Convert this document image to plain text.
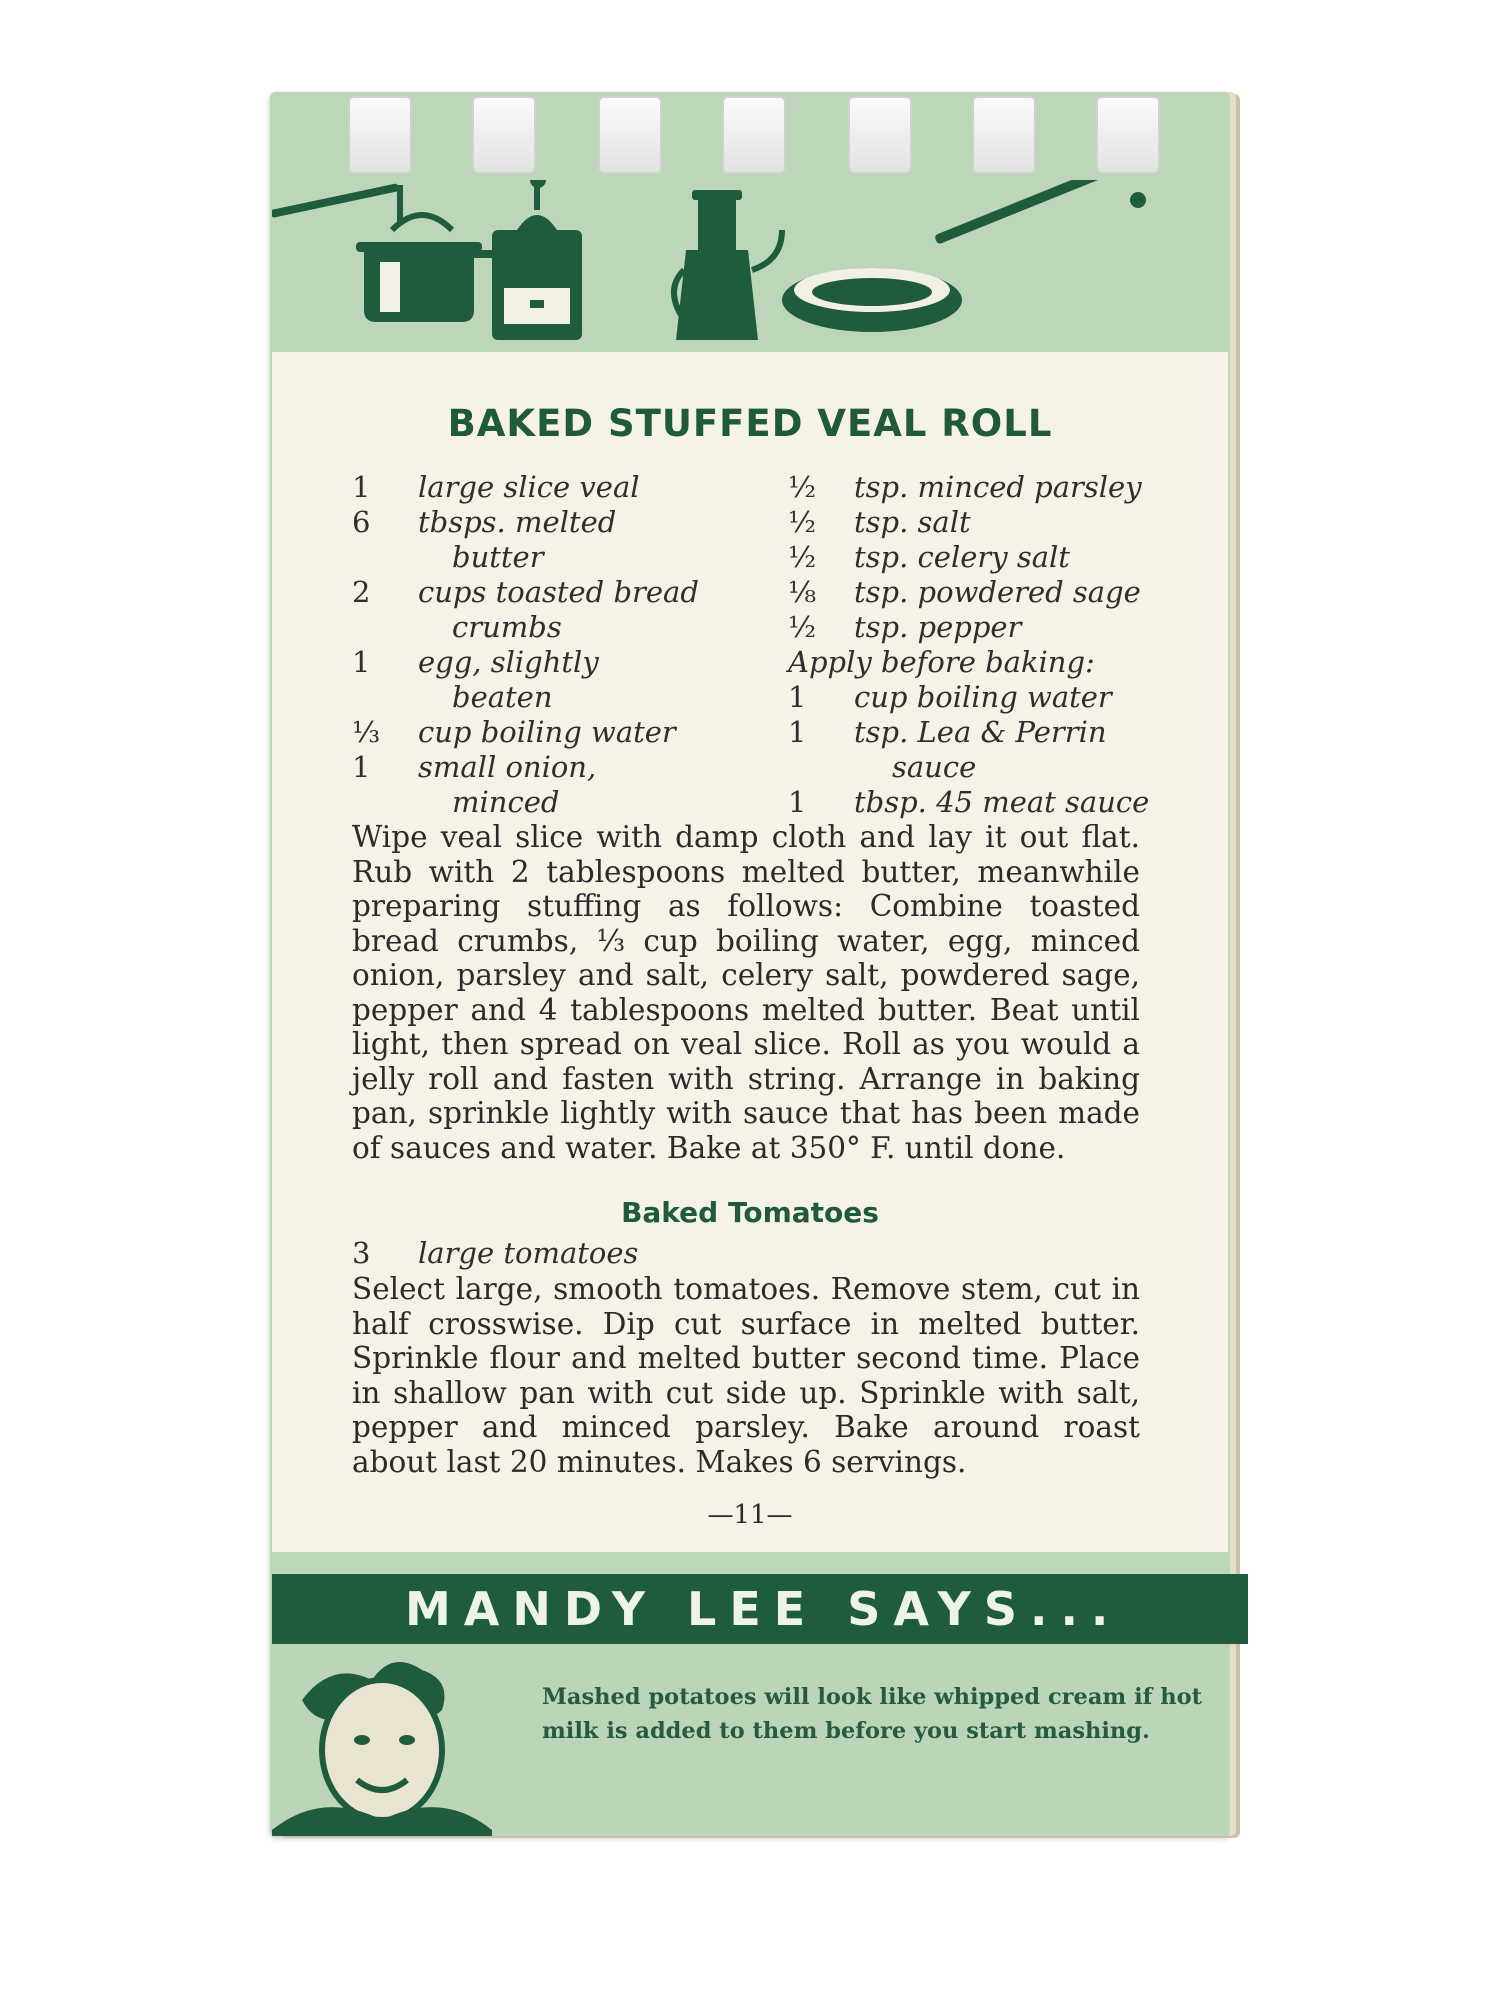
BAKED STUFFED VEAL ROLL
1 large slice veal
6 tbsps. melted
butter
2 cups toasted bread
crumbs
1 egg, slightly
beaten
⅓ cup boiling water
1 small onion,
minced
½ tsp. minced parsley
½ tsp. salt
½ tsp. celery salt
⅛ tsp. powdered sage
½ tsp. pepper
Apply before baking:
1 cup boiling water
1 tsp. Lea & Perrin
sauce
1 tbsp. 45 meat sauce
Wipe veal slice with damp cloth and lay it out flat. Rub with 2 tablespoons melted butter, meanwhile preparing stuffing as follows: Combine toasted bread crumbs, ⅓ cup boiling water, egg, minced onion, parsley and salt, celery salt, powdered sage, pepper and 4 tablespoons melted butter. Beat until light, then spread on veal slice. Roll as you would a jelly roll and fasten with string. Arrange in baking pan, sprinkle lightly with sauce that has been made of sauces and water. Bake at 350° F. until done.
Baked Tomatoes
3 large tomatoes
Select large, smooth tomatoes. Remove stem, cut in half crosswise. Dip cut surface in melted butter. Sprinkle flour and melted butter second time. Place in shallow pan with cut side up. Sprinkle with salt, pepper and minced parsley. Bake around roast about last 20 minutes. Makes 6 servings.
—11—
MANDY LEE SAYS...
Mashed potatoes will look like whipped cream if hot milk is added to them before you start mashing.
